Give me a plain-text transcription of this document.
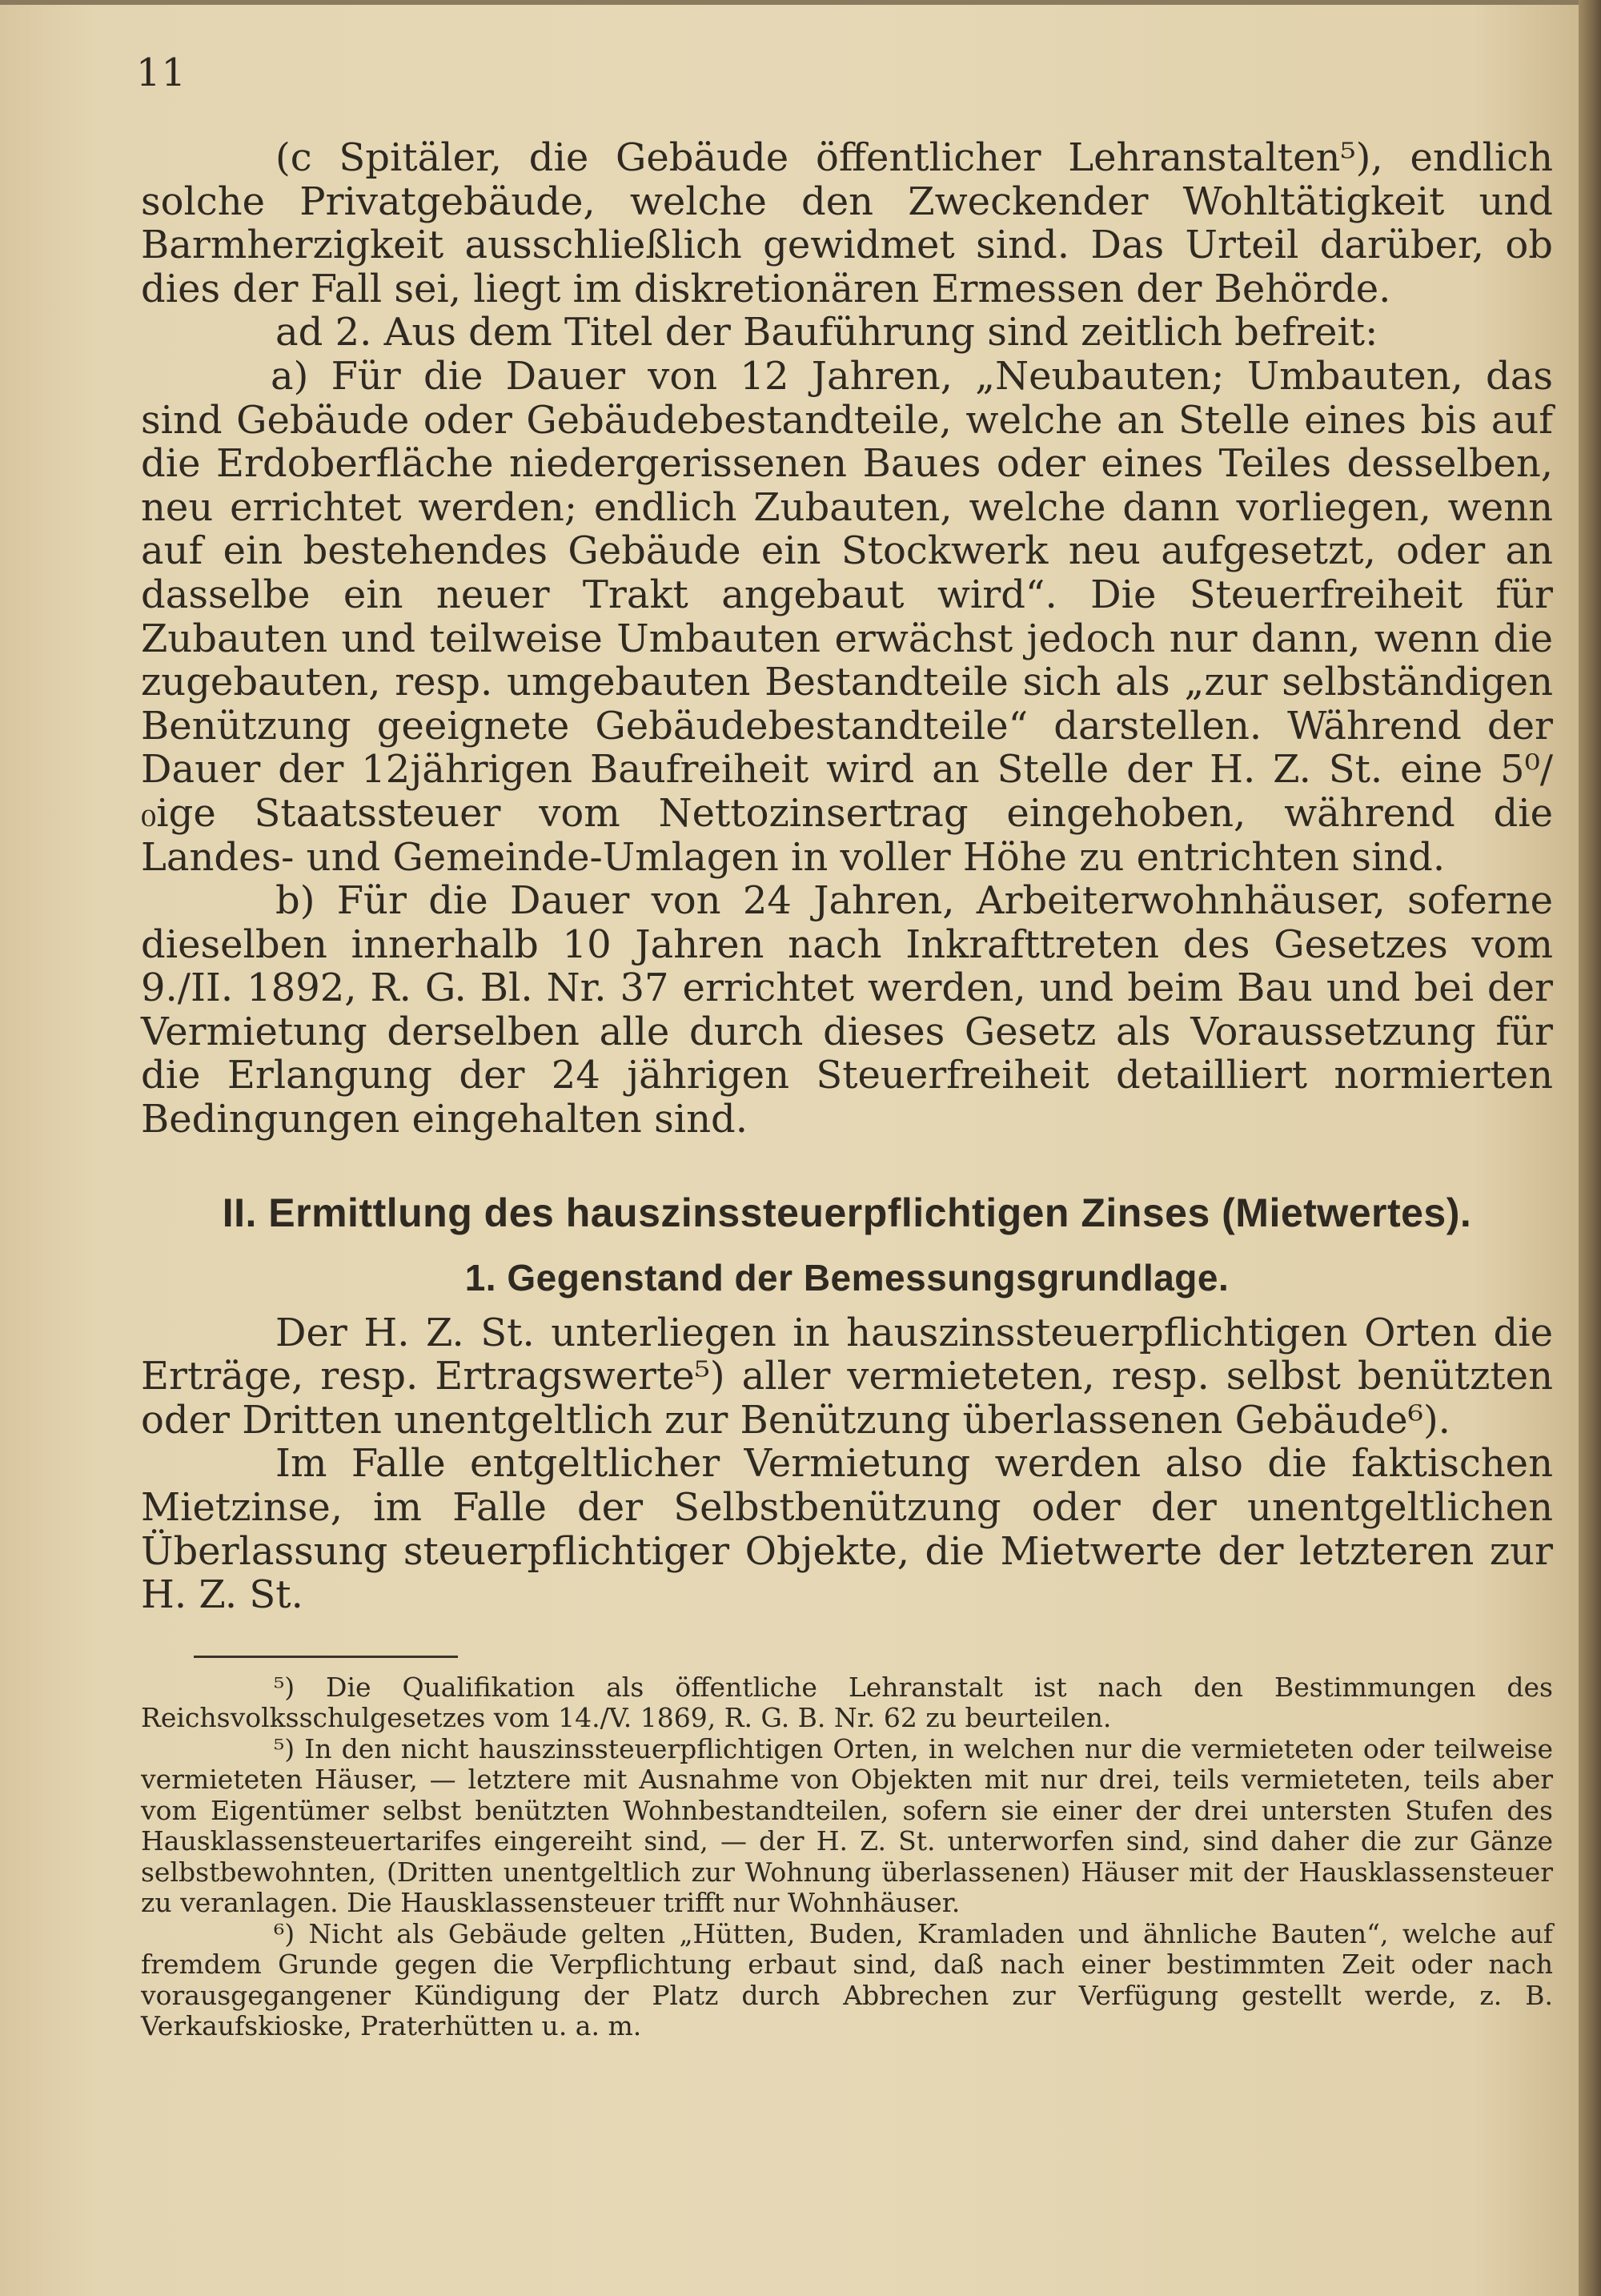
11

(c Spitäler, die Gebäude öffentlicher Lehranstalten⁵), endlich solche Privatgebäude, welche den Zweckender Wohltätigkeit und Barmherzigkeit ausschließlich gewidmet sind. Das Urteil darüber, ob dies der Fall sei, liegt im diskretionären Ermessen der Behörde.

ad 2. Aus dem Titel der Bauführung sind zeitlich befreit:

a) Für die Dauer von 12 Jahren, „Neubauten; Umbauten, das sind Gebäude oder Gebäudebestandteile, welche an Stelle eines bis auf die Erdoberfläche niedergerissenen Baues oder eines Teiles desselben, neu errichtet werden; endlich Zubauten, welche dann vorliegen, wenn auf ein bestehendes Gebäude ein Stockwerk neu aufgesetzt, oder an dasselbe ein neuer Trakt angebaut wird“. Die Steuerfreiheit für Zubauten und teilweise Umbauten erwächst jedoch nur dann, wenn die zugebauten, resp. umgebauten Bestandteile sich als „zur selbständigen Benützung geeignete Gebäudebestandteile“ darstellen. Während der Dauer der 12jährigen Baufreiheit wird an Stelle der H. Z. St. eine 5⁰/₀ige Staatssteuer vom Nettozinsertrag eingehoben, während die Landes- und Gemeinde-Umlagen in voller Höhe zu entrichten sind.

b) Für die Dauer von 24 Jahren, Arbeiterwohnhäuser, soferne dieselben innerhalb 10 Jahren nach Inkrafttreten des Gesetzes vom 9./II. 1892, R. G. Bl. Nr. 37 errichtet werden, und beim Bau und bei der Vermietung derselben alle durch dieses Gesetz als Voraussetzung für die Erlangung der 24 jährigen Steuerfreiheit detailliert normierten Bedingungen eingehalten sind.

II. Ermittlung des hauszinssteuerpflichtigen Zinses (Mietwertes).
1. Gegenstand der Bemessungsgrundlage.

Der H. Z. St. unterliegen in hauszinssteuerpflichtigen Orten die Erträge, resp. Ertragswerte⁵) aller vermieteten, resp. selbst benützten oder Dritten unentgeltlich zur Benützung überlassenen Gebäude⁶).

Im Falle entgeltlicher Vermietung werden also die faktischen Mietzinse, im Falle der Selbstbenützung oder der unentgeltlichen Überlassung steuerpflichtiger Objekte, die Mietwerte der letzteren zur H. Z. St.

⁵) Die Qualifikation als öffentliche Lehranstalt ist nach den Bestimmungen des Reichsvolksschulgesetzes vom 14./V. 1869, R. G. B. Nr. 62 zu beurteilen.

⁵) In den nicht hauszinssteuerpflichtigen Orten, in welchen nur die vermieteten oder teilweise vermieteten Häuser, — letztere mit Ausnahme von Objekten mit nur drei, teils vermieteten, teils aber vom Eigentümer selbst benützten Wohnbestandteilen, sofern sie einer der drei untersten Stufen des Hausklassensteuertarifes eingereiht sind, — der H. Z. St. unterworfen sind, sind daher die zur Gänze selbstbewohnten, (Dritten unentgeltlich zur Wohnung überlassenen) Häuser mit der Hausklassensteuer zu veranlagen. Die Hausklassensteuer trifft nur Wohnhäuser.

⁶) Nicht als Gebäude gelten „Hütten, Buden, Kramladen und ähnliche Bauten“, welche auf fremdem Grunde gegen die Verpflichtung erbaut sind, daß nach einer bestimmten Zeit oder nach vorausgegangener Kündigung der Platz durch Abbrechen zur Verfügung gestellt werde, z. B. Verkaufskioske, Praterhütten u. a. m.
